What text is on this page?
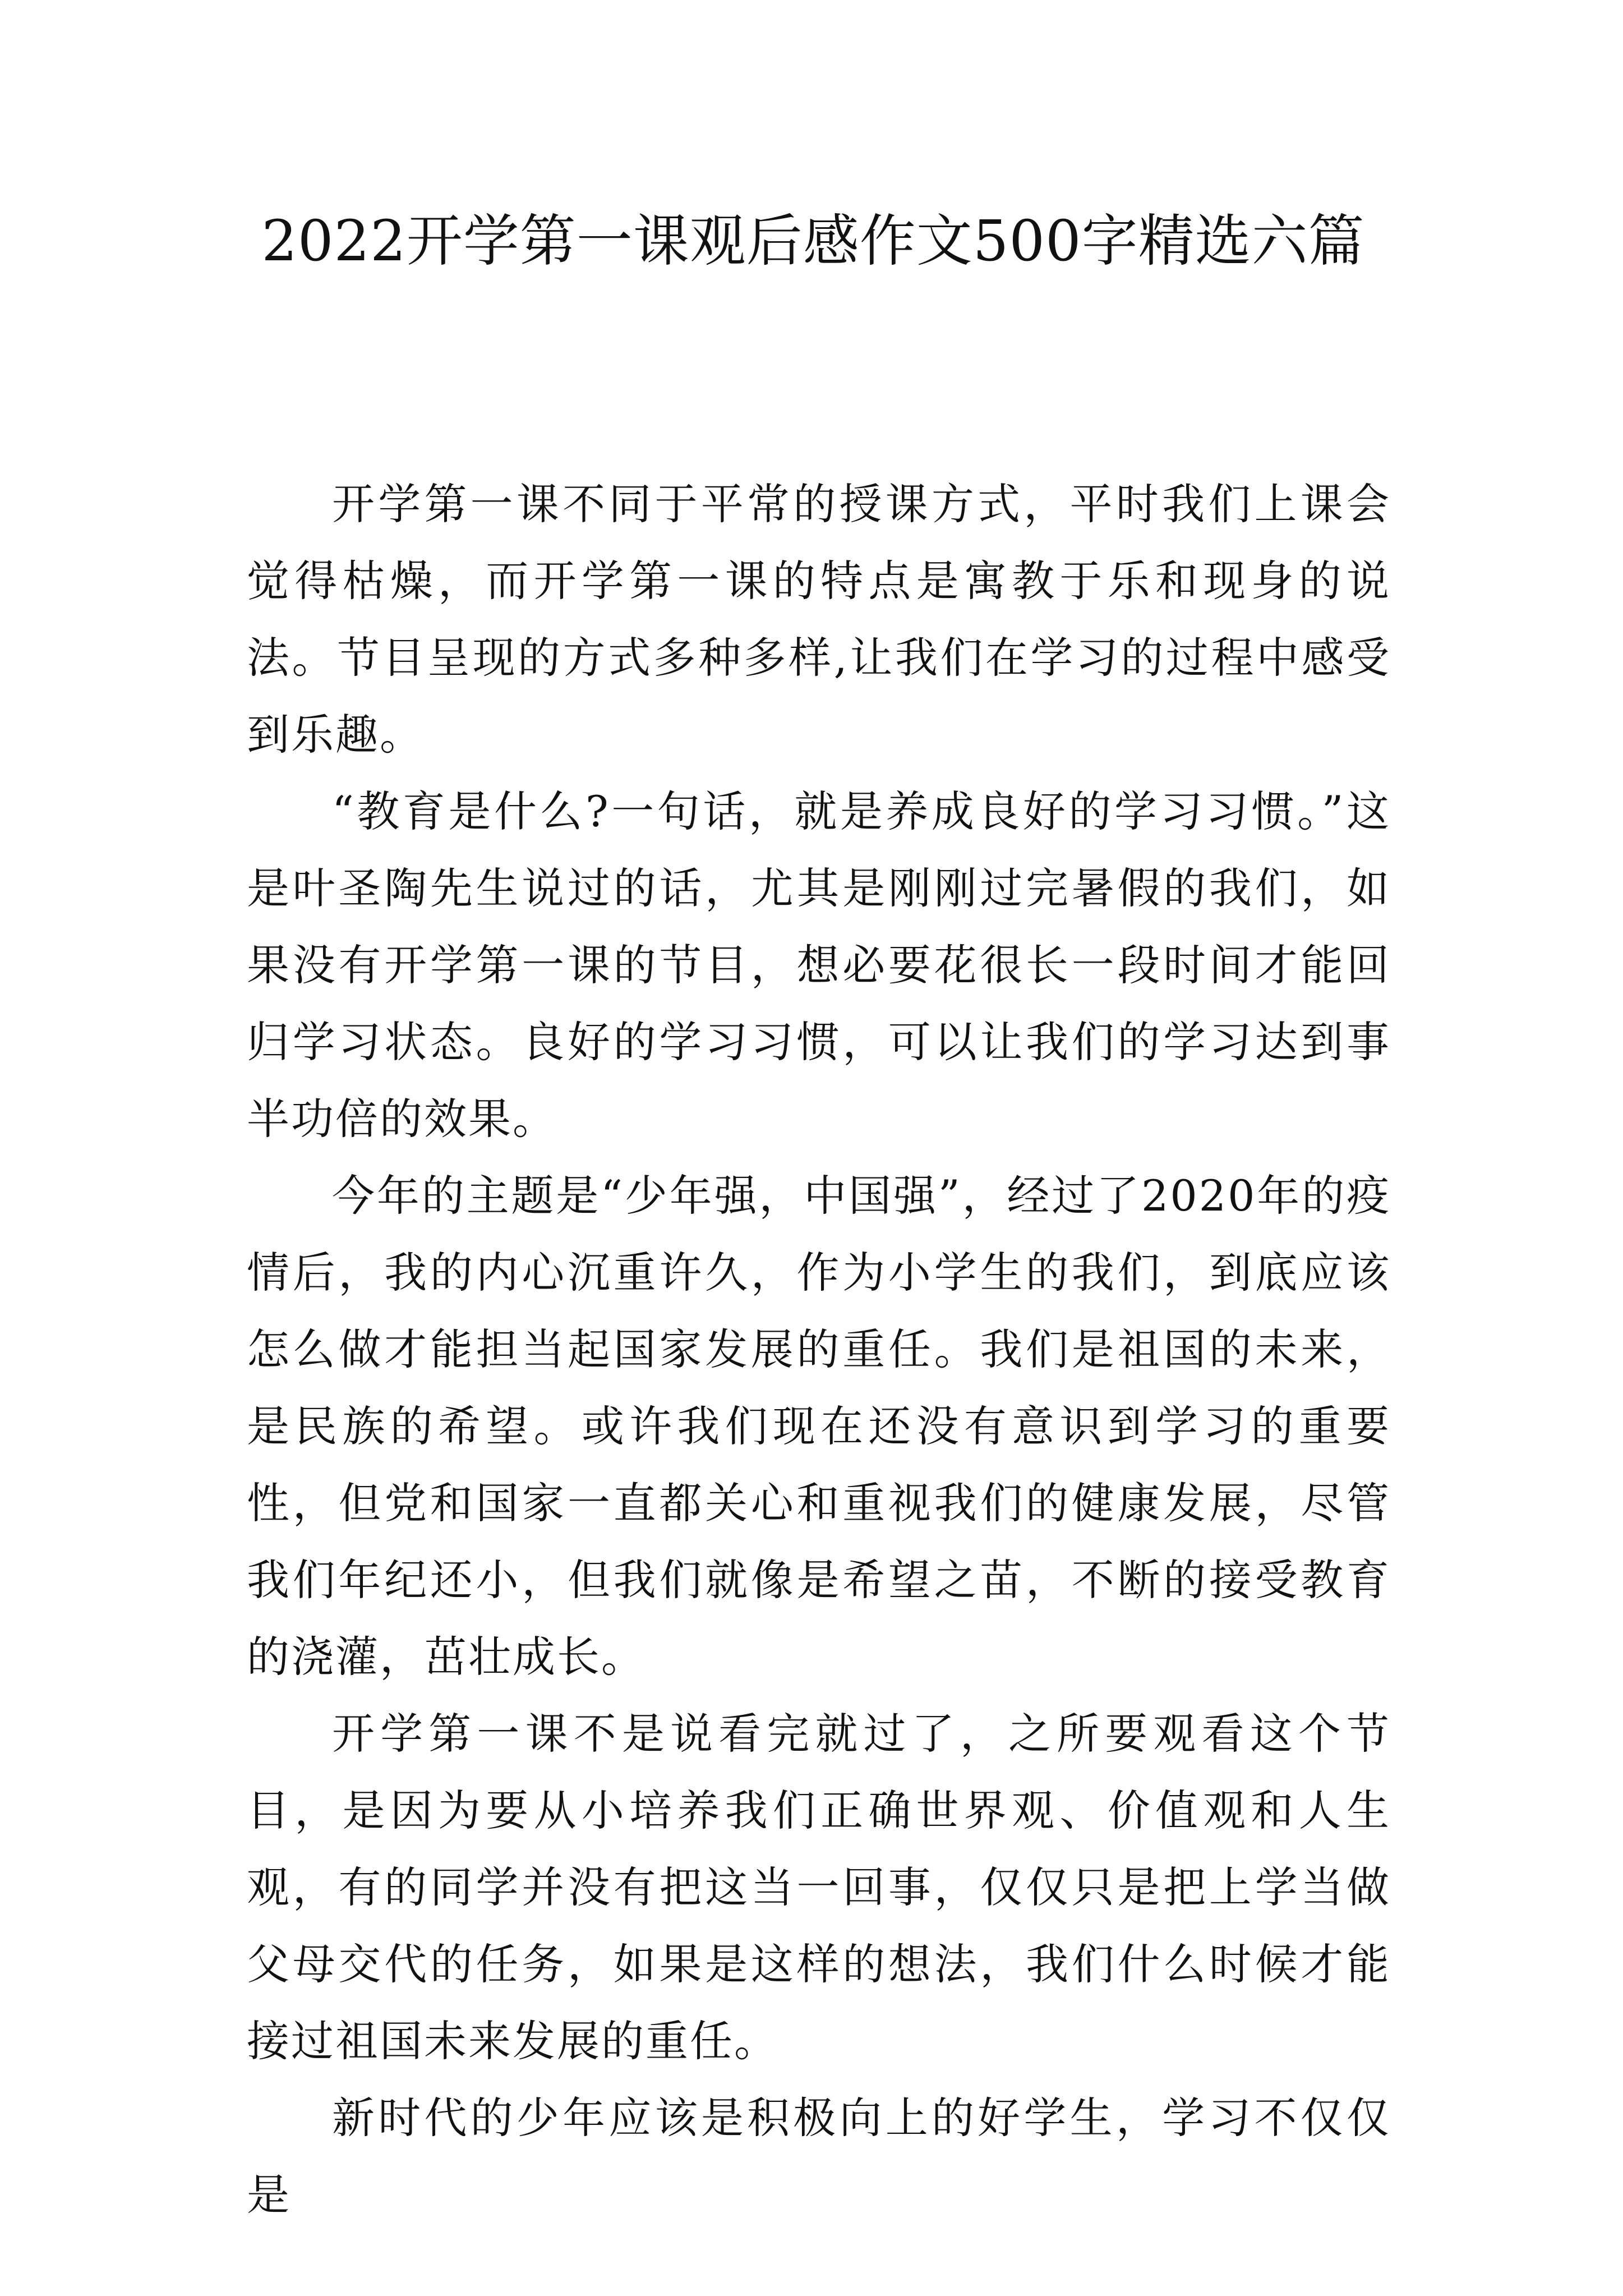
2022开学第一课观后感作文500字精选六篇

开学第一课不同于平常的授课方式，平时我们上课会觉得枯燥，而开学第一课的特点是寓教于乐和现身的说法。节目呈现的方式多种多样,让我们在学习的过程中感受到乐趣。

“教育是什么?一句话，就是养成良好的学习习惯。”这是叶圣陶先生说过的话，尤其是刚刚过完暑假的我们，如果没有开学第一课的节目，想必要花很长一段时间才能回归学习状态。良好的学习习惯，可以让我们的学习达到事半功倍的效果。

今年的主题是“少年强，中国强”，经过了2020年的疫情后，我的内心沉重许久，作为小学生的我们，到底应该怎么做才能担当起国家发展的重任。我们是祖国的未来，是民族的希望。或许我们现在还没有意识到学习的重要性，但党和国家一直都关心和重视我们的健康发展，尽管我们年纪还小，但我们就像是希望之苗，不断的接受教育的浇灌，茁壮成长。

开学第一课不是说看完就过了，之所要观看这个节目，是因为要从小培养我们正确世界观、价值观和人生观，有的同学并没有把这当一回事，仅仅只是把上学当做父母交代的任务，如果是这样的想法，我们什么时候才能接过祖国未来发展的重任。

新时代的少年应该是积极向上的好学生，学习不仅仅是
